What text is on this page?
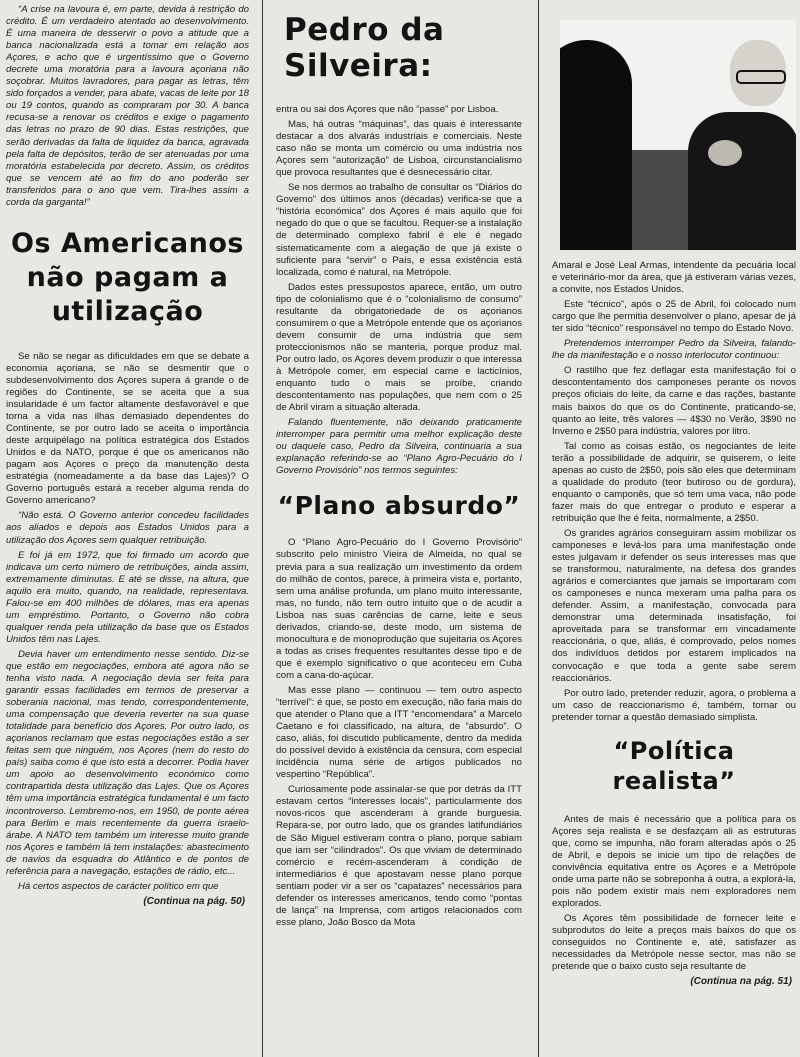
“A crise na lavoura é, em parte, devida à restrição do crédito. É um verdadeiro atentado ao desenvolvimento. É uma maneira de desservir o povo a atitude que a banca nacionalizada está a tomar em relação aos Açores, e acho que é urgentíssimo que o Governo decrete uma moratória para a lavoura açoriana não soçobrar. Muitos lavradores, para pagar as letras, têm sido forçados a vender, para abate, vacas de leite por 18 ou 19 contos, quando as compraram por 30. A banca recusa-se a renovar os créditos e exige o pagamento das letras no prazo de 90 dias. Estas restrições, que serão derivadas da falta de liquidez da banca, agravada pela falta de depósitos, terão de ser atenuadas por uma moratória estabelecida por decreto. Assim, os créditos que se vencem até ao fim do ano poderão ser transferidos para o ano que vem. Tira-lhes assim a corda da garganta!”

Os Americanos não pagam a utilização

Se não se negar as dificuldades em que se debate a economia açoriana, se não se desmentir que o subdesenvolvimento dos Açores supera á grande o de regiões do Continente, se se aceita que a sua insularidade é um factor altamente desfavorável e que torna a vida nas ilhas demasiado dependentes do Continente, se por outro lado se aceita o importância deste arquipélago na política estratégica dos Estados Unidos e da NATO, porque é que os americanos não pagam aos Açores o preço da manutenção desta estratégia (nomeadamente a da base das Lajes)? O Governo português estará a receber alguma renda do Governo americano?

“Não está. O Governo anterior concedeu facilidades aos aliados e depois aos Estados Unidos para a utilização dos Açores sem qualquer retribuição.

E foi já em 1972, que foi firmado um acordo que indicava um certo número de retribuições, ainda assim, extremamente diminutas. E até se disse, na altura, que aquilo era muito, quando, na realidade, representava. Falou-se em 400 milhões de dólares, mas era apenas um empréstimo. Portanto, o Governo não cobra qualquer renda pela utilização da base que os Estados Unidos têm nas Lajes.

Devia haver um entendimento nesse sentido. Diz-se que estão em negociações, embora até agora não se tenha visto nada. A negociação devia ser feita para garantir essas facilidades em termos de preservar a soberania nacional, mas tendo, correspondentemente, uma compensação que deveria reverter na sua quase totalidade para benefício dos Açores. Por outro lado, os açorianos reclamam que estas negociações estão a ser feitas sem que ninguém, nos Açores (nem do resto do país) saiba como é que isto está a decorrer. Podia haver um apoio ao desenvolvimento económico como contrapartida desta utilização das Lajes. Que os Açores têm uma importância estratégica fundamental é um facto incontroverso. Lembremo-nos, em 1950, de ponte aérea para Berlim e mais recentemente da guerra israelo-árabe. A NATO tem também um interesse muito grande nos Açores e também lá tem instalações: abastecimento de navios da esquadra do Atlântico e de pontos de referência para a navegação, estações de rádio, etc...

Há certos aspectos de carácter político em que

(Continua na pág. 50)
Pedro da Silveira:

entra ou sai dos Açores que não “passe” por Lisboa.

Mas, há outras “máquinas”, das quais é interessante destacar a dos alvarás industriais e comerciais. Neste caso não se monta um comércio ou uma indústria nos Açores sem “autorização” de Lisboa, circunstancialismo que provoca resultantes que é desnecessário citar.

Se nos dermos ao trabalho de consultar os “Diários do Governo” dos últimos anos (décadas) verifica-se que a “história económica” dos Açores é mais aquilo que foi negado do que o que se facultou. Requer-se a instalação de determinado complexo fabril é ele é negado sistematicamente com a alegação de que já existe o suficiente para “servir” o País, e essa existência está localizada, como é natural, na Metrópole.

Dados estes pressupostos aparece, então, um outro tipo de colonialismo que é o “colonialismo de consumo” resultante da obrigatoriedade de os açorianos consumirem o que a Metrópole entende que os açorianos devem consumir de uma indústria que sem proteccionismos não se manteria, porque produz mal. Por outro lado, os Açores devem produzir o que interessa à Metrópole comer, em especial carne e lacticínios, enquanto tudo o mais se proíbe, criando descontentamento nas populações, que nem com o 25 de Abril viram a situação alterada.

Falando fluentemente, não deixando praticamente interromper para permitir uma melhor explicação deste ou daquele caso, Pedro da Silveira, continuaria a sua explanação referindo-se ao “Plano Agro-Pecuário do I Governo Provisório” nos termos seguintes:

“Plano absurdo”

O “Plano Agro-Pecuário do I Governo Provisório” subscrito pelo ministro Vieira de Almeida, no qual se previa para a sua realização um investimento da ordem do milhão de contos, parece, à primeira vista e, portanto, sem uma análise profunda, um plano muito interessante, mas, no fundo, não tem outro intuito que o de acudir a Lisboa nas suas carências de carne, leite e seus derivados, criando-se, deste modo, um sistema de monocultura e de monoprodução que sujeitaria os Açores a todas as crises frequentes resultantes desse tipo e de que é exemplo significativo o que aconteceu em Cuba com a cana-do-açúcar.

Mas esse plano — continuou — tem outro aspecto “terrível”: é que, se posto em execução, não faria mais do que atender o Plano que a ITT “encomendara” a Marcelo Caetano e foi classificado, na altura, de “absurdo”. O caso, aliás, foi discutido publicamente, dentro da medida do possível devido à existência da censura, com especial incidência numa série de artigos publicados no vespertino “República”.

Curiosamente pode assinalar-se que por detrás da ITT estavam certos “interesses locais”, particularmente dos novos-ricos que ascenderam à grande burguesia. Repara-se, por outro lado, que os grandes latifundiários de São Miguel estiveram contra o plano, porque sabiam que iam ser “cilindrados”. Os que viviam de determinado comércio e recém-ascenderam à condição de intermediários é que apostavam nesse plano porque sentiam poder vir a ser os “capatazes” necessários para defender os interesses americanos, tendo como “pontas de lança” na Imprensa, com artigos relacionados com esse plano, João Bosco da Mota

Amaral e José Leal Armas, intendente da pecuária local e veterinário-mor da área, que já estiveram várias vezes, a convite, nos Estados Unidos.

Este “técnico”, após o 25 de Abril, foi colocado num cargo que lhe permitia desenvolver o plano, apesar de já ter sido “técnico” responsável no tempo do Estado Novo.

Pretendemos interromper Pedro da Silveira, falando-lhe da manifestação e o nosso interlocutor continuou:

O rastilho que fez deflagar esta manifestação foi o descontentamento dos camponeses perante os novos preços oficiais do leite, da carne e das rações, bastante mais baixos do que os do Continente, praticando-se, quanto ao leite, três valores — 4$30 no Verão, 3$90 no Inverno e 2$50 para indústria, valores por litro.

Tal como as coisas estão, os negociantes de leite terão a possibilidade de adquirir, se quiserem, o leite apenas ao custo de 2$50, pois são eles que determinam a qualidade do produto (teor butiroso ou de gordura), enquanto o camponês, que só tem uma vaca, não pode fazer mais do que entregar o produto e esperar a retribuição que lhe é feita, normalmente, a 2$50.

Os grandes agrários conseguiram assim mobilizar os camponeses e levá-los para uma manifestação onde estes julgavam ir defender os seus interesses mas que se transformou, naturalmente, na defesa dos grandes agrários e comerciantes que jamais se importaram com os camponeses e nunca mexeram uma palha para os defender. Assim, a manifestação, convocada para demonstrar uma determinada insatisfação, foi aproveitada para se transformar em vincadamente reaccionária, o que, aliás, é comprovado, pelos nomes dos indivíduos detidos por estarem implicados na convocação e que toda a gente sabe serem reaccionários.

Por outro lado, pretender reduzir, agora, o problema a um caso de reaccionarismo é, também, tornar ou pretender tornar a questão demasiado simplista.

“Política realista”

Antes de mais é necessário que a política para os Açores seja realista e se desfazçam ali as estruturas que, como se impunha, não foram alteradas após o 25 de Abril, e depois se inicie um tipo de relações de convivência equitativa entre os Açores e a Metrópole onde uma parte não se sobreponha à outra, a explorá-la, pois não podem existir mais nem exploradores nem explorados.

Os Açores têm possibilidade de fornecer leite e subprodutos do leite a preços mais baixos do que os conseguidos no Continente e, até, satisfazer as necessidades da Metrópole nesse sector, mas não se pretende que o baixo custo seja resultante de

(Continua na pág. 51)
